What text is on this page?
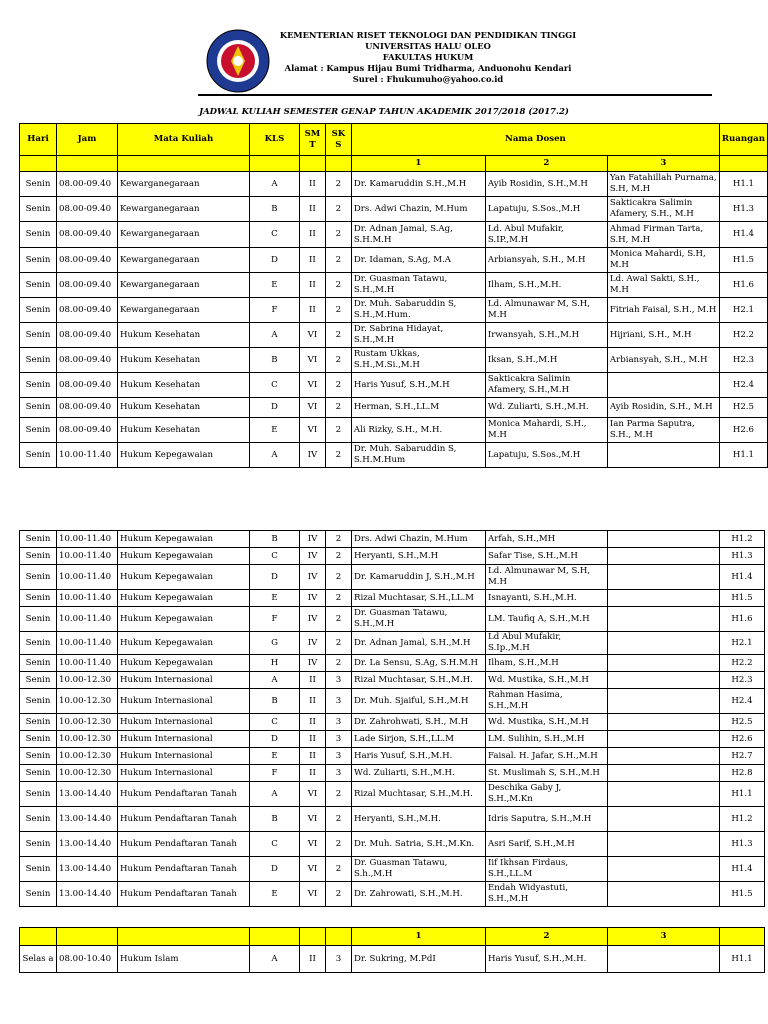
KEMENTERIAN RISET TEKNOLOGI DAN PENDIDIKAN TINGGI
UNIVERSITAS HALU OLEO
FAKULTAS HUKUM
Alamat : Kampus Hijau Bumi Tridharma, Anduonohu Kendari
Surel : Fhukumuho@yahoo.co.id
JADWAL KULIAH SEMESTER GENAP TAHUN AKADEMIK 2017/2018 (2017.2)
Hari	Jam	Mata Kuliah	KLS	SM T	SK S	Nama Dosen			Ruangan
						1	2	3	
Senin	08.00-09.40	Kewarganegaraan	A	II	2	Dr. Kamaruddin S.H.,M.H	Ayib Rosidin, S.H.,M.H	Yan Fatahillah Purnama, S.H, M.H	H1.1
Senin	08.00-09.40	Kewarganegaraan	B	II	2	Drs. Adwi Chazin, M.Hum	Lapatuju, S.Sos.,M.H	Sakticakra Salimin Afamery, S.H., M.H	H1.3
Senin	08.00-09.40	Kewarganegaraan	C	II	2	Dr. Adnan Jamal, S.Ag, S.H.M.H	Ld. Abul Mufakir, S.IP.,M.H	Ahmad Firman Tarta, S.H, M.H	H1.4
Senin	08.00-09.40	Kewarganegaraan	D	II	2	Dr. Idaman, S.Ag, M.A	Arbiansyah, S.H., M.H	Monica Mahardi, S.H, M.H	H1.5
Senin	08.00-09.40	Kewarganegaraan	E	II	2	Dr. Guasman Tatawu, S.H.,M.H	Ilham, S.H.,M.H.	Ld. Awal Sakti, S.H., M.H	H1.6
Senin	08.00-09.40	Kewarganegaraan	F	II	2	Dr. Muh. Sabaruddin S, S.H.,M.Hum.	Ld. Almunawar M, S.H, M.H	Fitriah Faisal, S.H., M.H	H2.1
Senin	08.00-09.40	Hukum Kesehatan	A	VI	2	Dr. Sabrina Hidayat, S.H.,M.H	Irwansyah, S.H.,M.H	Hijriani, S.H., M.H	H2.2
Senin	08.00-09.40	Hukum Kesehatan	B	VI	2	Rustam Ukkas, S.H.,M.Si.,M.H	Iksan, S.H.,M.H	Arbiansyah, S.H., M.H	H2.3
Senin	08.00-09.40	Hukum Kesehatan	C	VI	2	Haris Yusuf, S.H.,M.H	Sakticakra Salimin Afamery, S.H.,M.H		H2.4
Senin	08.00-09.40	Hukum Kesehatan	D	VI	2	Herman, S.H.,LL.M	Wd. Zuliarti, S.H.,M.H.	Ayib Rosidin, S.H., M.H	H2.5
Senin	08.00-09.40	Hukum Kesehatan	E	VI	2	Ali Rizky, S.H., M.H.	Monica Mahardi, S.H., M.H	Ian Parma Saputra, S.H., M.H	H2.6
Senin	10.00-11.40	Hukum Kepegawaian	A	IV	2	Dr. Muh. Sabaruddin S, S.H.M.Hum	Lapatuju, S.Sos.,M.H		H1.1
Senin	10.00-11.40	Hukum Kepegawaian	B	IV	2	Drs. Adwi Chazin, M.Hum	Arfah, S.H.,MH		H1.2
Senin	10.00-11.40	Hukum Kepegawaian	C	IV	2	Heryanti, S.H.,M.H	Safar Tise, S.H.,M.H		H1.3
Senin	10.00-11.40	Hukum Kepegawaian	D	IV	2	Dr. Kamaruddin J, S.H.,M.H	Ld. Almunawar M, S.H, M.H		H1.4
Senin	10.00-11.40	Hukum Kepegawaian	E	IV	2	Rizal Muchtasar, S.H.,LL.M	Isnayanti, S.H.,M.H.		H1.5
Senin	10.00-11.40	Hukum Kepegawaian	F	IV	2	Dr. Guasman Tatawu, S.H.,M.H	LM. Taufiq A, S.H.,M.H		H1.6
Senin	10.00-11.40	Hukum Kepegawaian	G	IV	2	Dr. Adnan Jamal, S.H.,M.H	Ld Abul Mufakir, S.Ip.,M.H		H2.1
Senin	10.00-11.40	Hukum Kepegawaian	H	IV	2	Dr. La Sensu, S.Ag, S.H.M.H	Ilham, S.H.,M.H		H2.2
Senin	10.00-12.30	Hukum Internasional	A	II	3	Rizal Muchtasar, S.H.,M.H.	Wd. Mustika, S.H.,M.H		H2.3
Senin	10.00-12.30	Hukum Internasional	B	II	3	Dr. Muh. Sjaiful, S.H.,M.H	Rahman Hasima, S.H.,M.H		H2.4
Senin	10.00-12.30	Hukum Internasional	C	II	3	Dr. Zahrohwati, S.H., M.H	Wd. Mustika, S.H.,M.H		H2.5
Senin	10.00-12.30	Hukum Internasional	D	II	3	Lade Sirjon, S.H.,LL.M	LM. Sulihin, S.H.,M.H		H2.6
Senin	10.00-12.30	Hukum Internasional	E	II	3	Haris Yusuf, S.H.,M.H.	Faisal. H. Jafar, S.H.,M.H		H2.7
Senin	10.00-12.30	Hukum Internasional	F	II	3	Wd. Zuliarti, S.H.,M.H.	St. Muslimah S, S.H.,M.H		H2.8
Senin	13.00-14.40	Hukum Pendaftaran Tanah	A	VI	2	Rizal Muchtasar, S.H.,M.H.	Deschika Gaby J, S.H.,M.Kn		H1.1
Senin	13.00-14.40	Hukum Pendaftaran Tanah	B	VI	2	Heryanti, S.H.,M.H.	Idris Saputra, S.H.,M.H		H1.2
Senin	13.00-14.40	Hukum Pendaftaran Tanah	C	VI	2	Dr. Muh. Satria, S.H.,M.Kn.	Asri Sarif, S.H.,M.H		H1.3
Senin	13.00-14.40	Hukum Pendaftaran Tanah	D	VI	2	Dr. Guasman Tatawu, S.h.,M.H	Iif Ikhsan Firdaus, S.H.,LL.M		H1.4
Senin	13.00-14.40	Hukum Pendaftaran Tanah	E	VI	2	Dr. Zahrowati, S.H.,M.H.	Endah Widyastuti, S.H.,M.H		H1.5
						1	2	3	
Selas a	08.00-10.40	Hukum Islam	A	II	3	Dr. Sukring, M.PdI	Haris Yusuf, S.H.,M.H.		H1.1
